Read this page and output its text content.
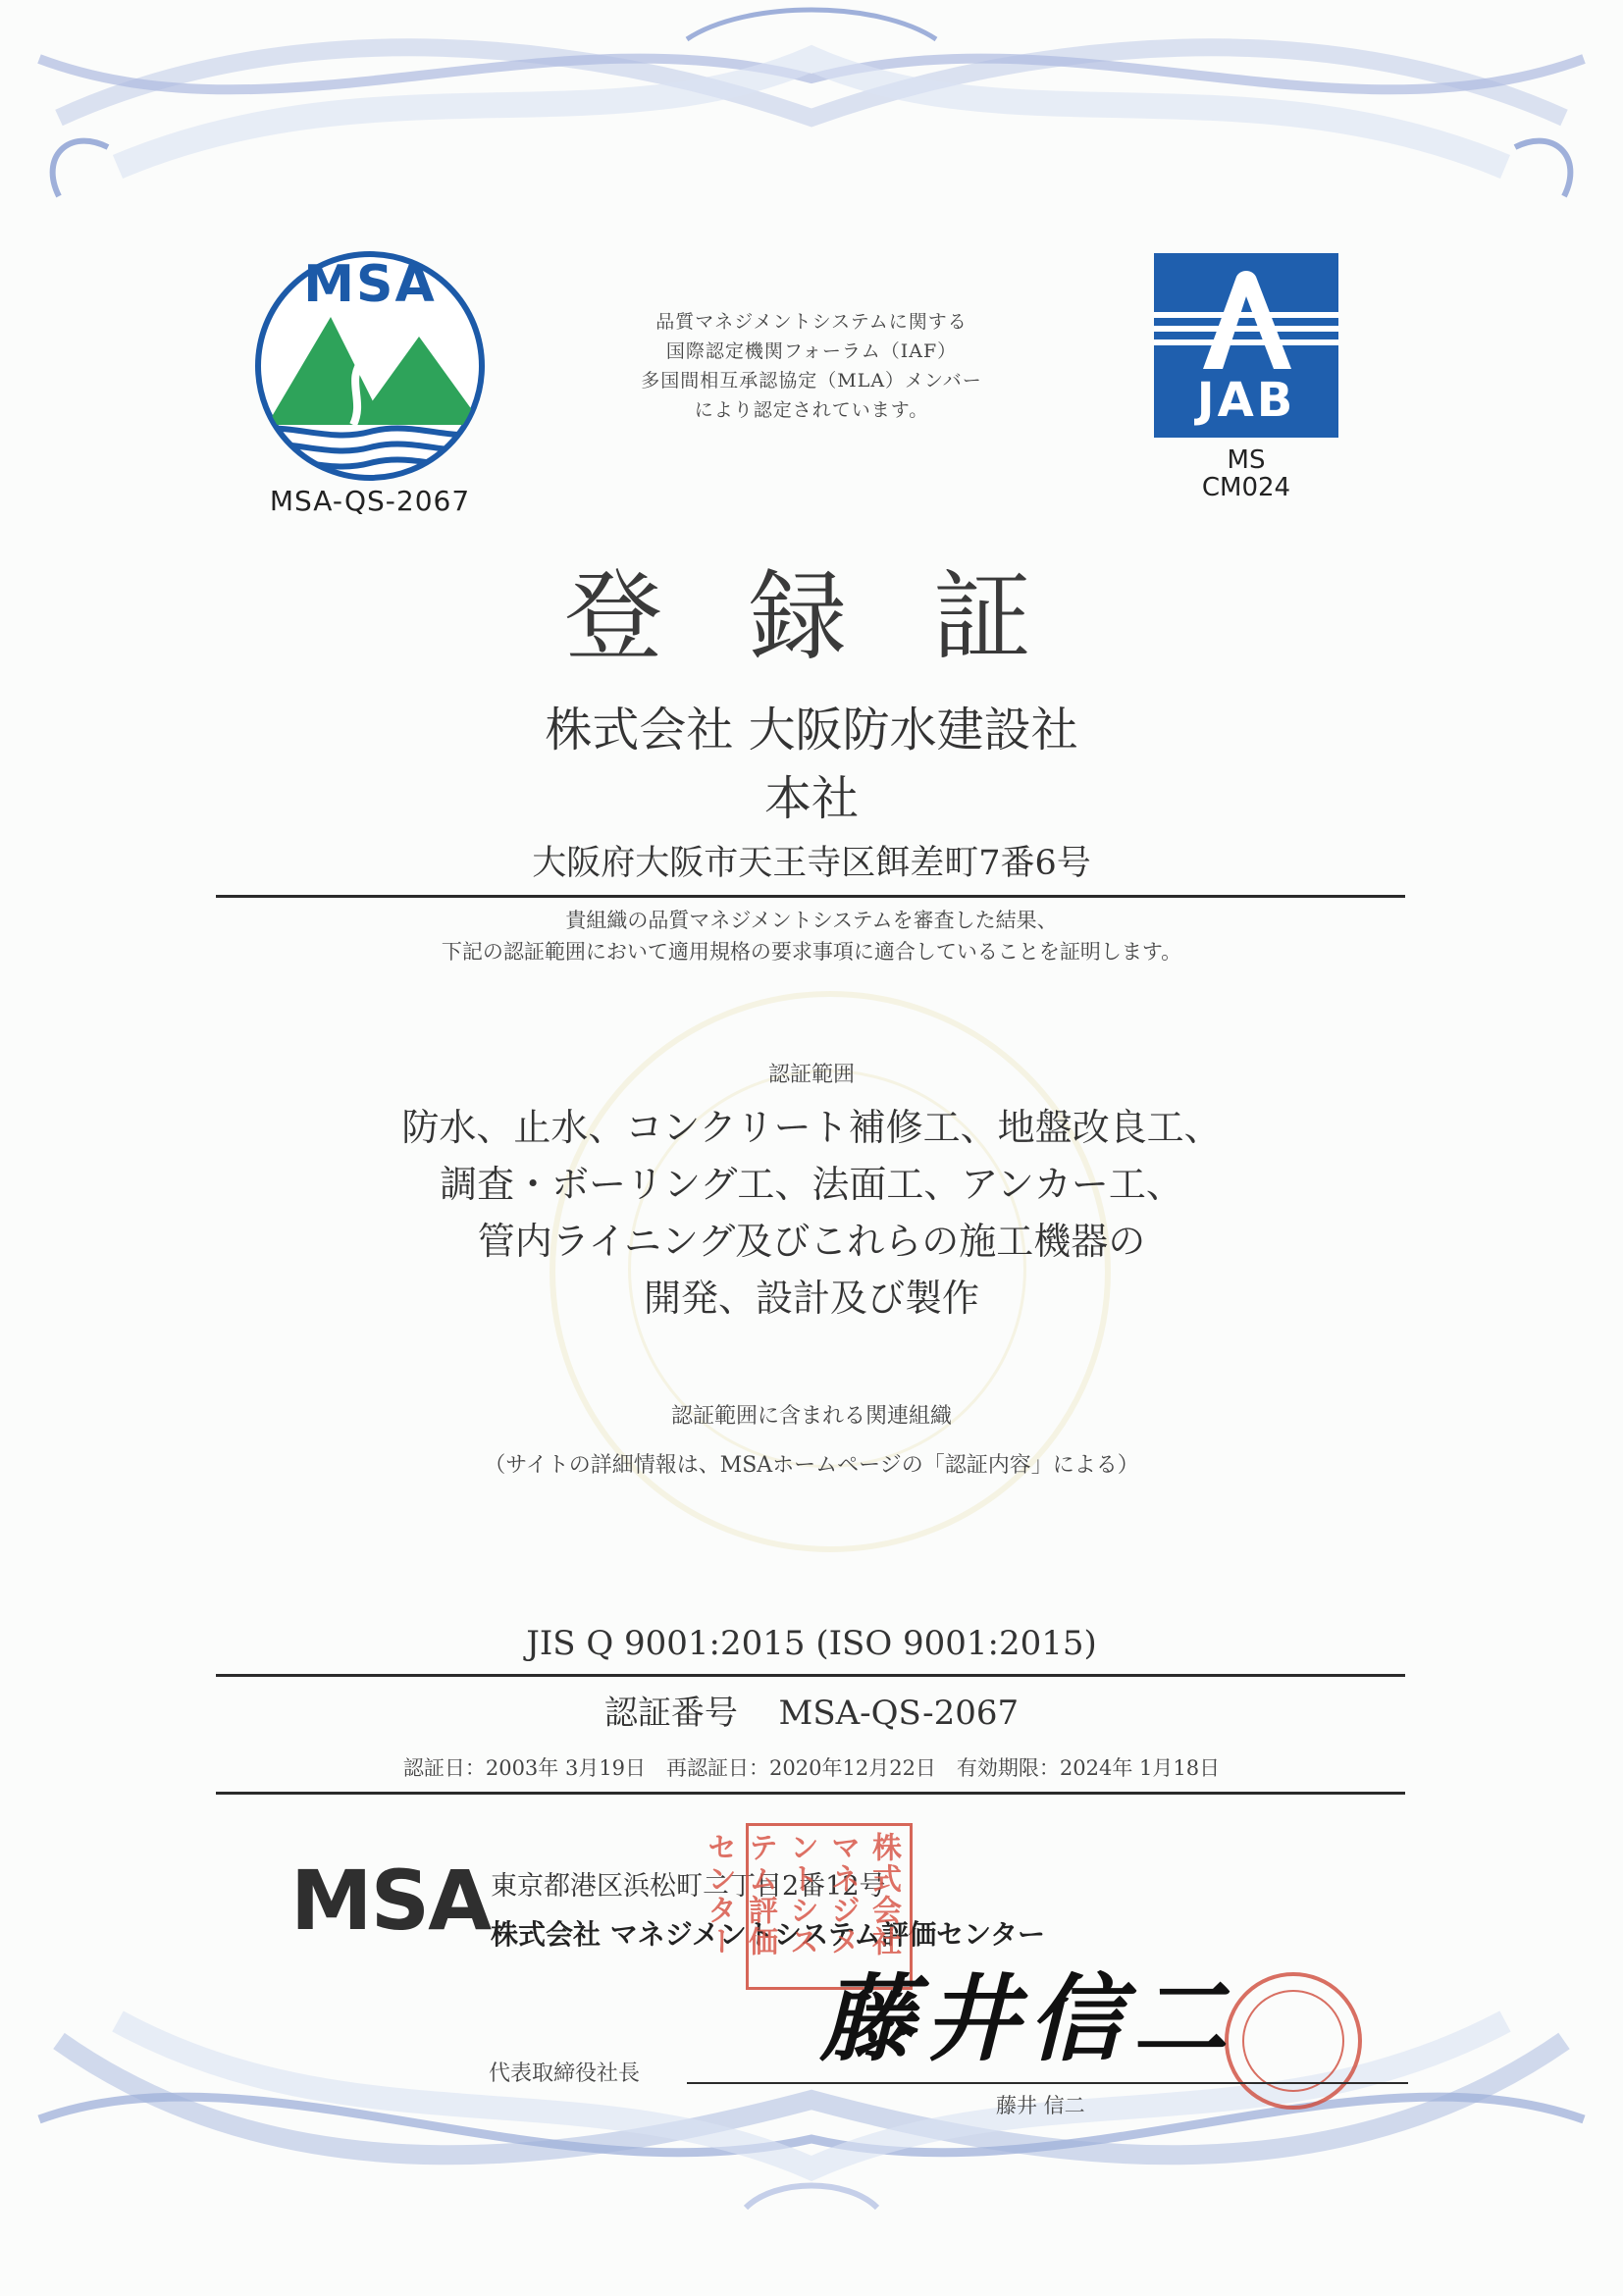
MSA
MSA-QS-2067
品質マネジメントシステムに関する
国際認定機関フォーラム（IAF）
多国間相互承認協定（MLA）メンバー
により認定されています。	JAB
MS
CM024
登 録 証
株式会社 大阪防水建設社
本社
大阪府大阪市天王寺区餌差町7番6号
貴組織の品質マネジメントシステムを審査した結果、
下記の認証範囲において適用規格の要求事項に適合していることを証明します。
認証範囲
防水、止水、コンクリート補修工、地盤改良工、
調査・ボーリング工、法面工、アンカー工、
管内ライニング及びこれらの施工機器の
開発、設計及び製作
認証範囲に含まれる関連組織
（サイトの詳細情報は、MSAホームページの「認証内容」による）
JIS Q 9001:2015 (ISO 9001:2015)
認証番号 MSA-QS-2067
認証日：2003年 3月19日　再認証日：2020年12月22日　有効期限：2024年 1月18日
MSA 東京都港区浜松町二丁目2番12号
株式会社 マネジメントシステム評価センター
株式会社マネジメントシステム評価センター
代表取締役社長 藤井信二
藤井 信二
